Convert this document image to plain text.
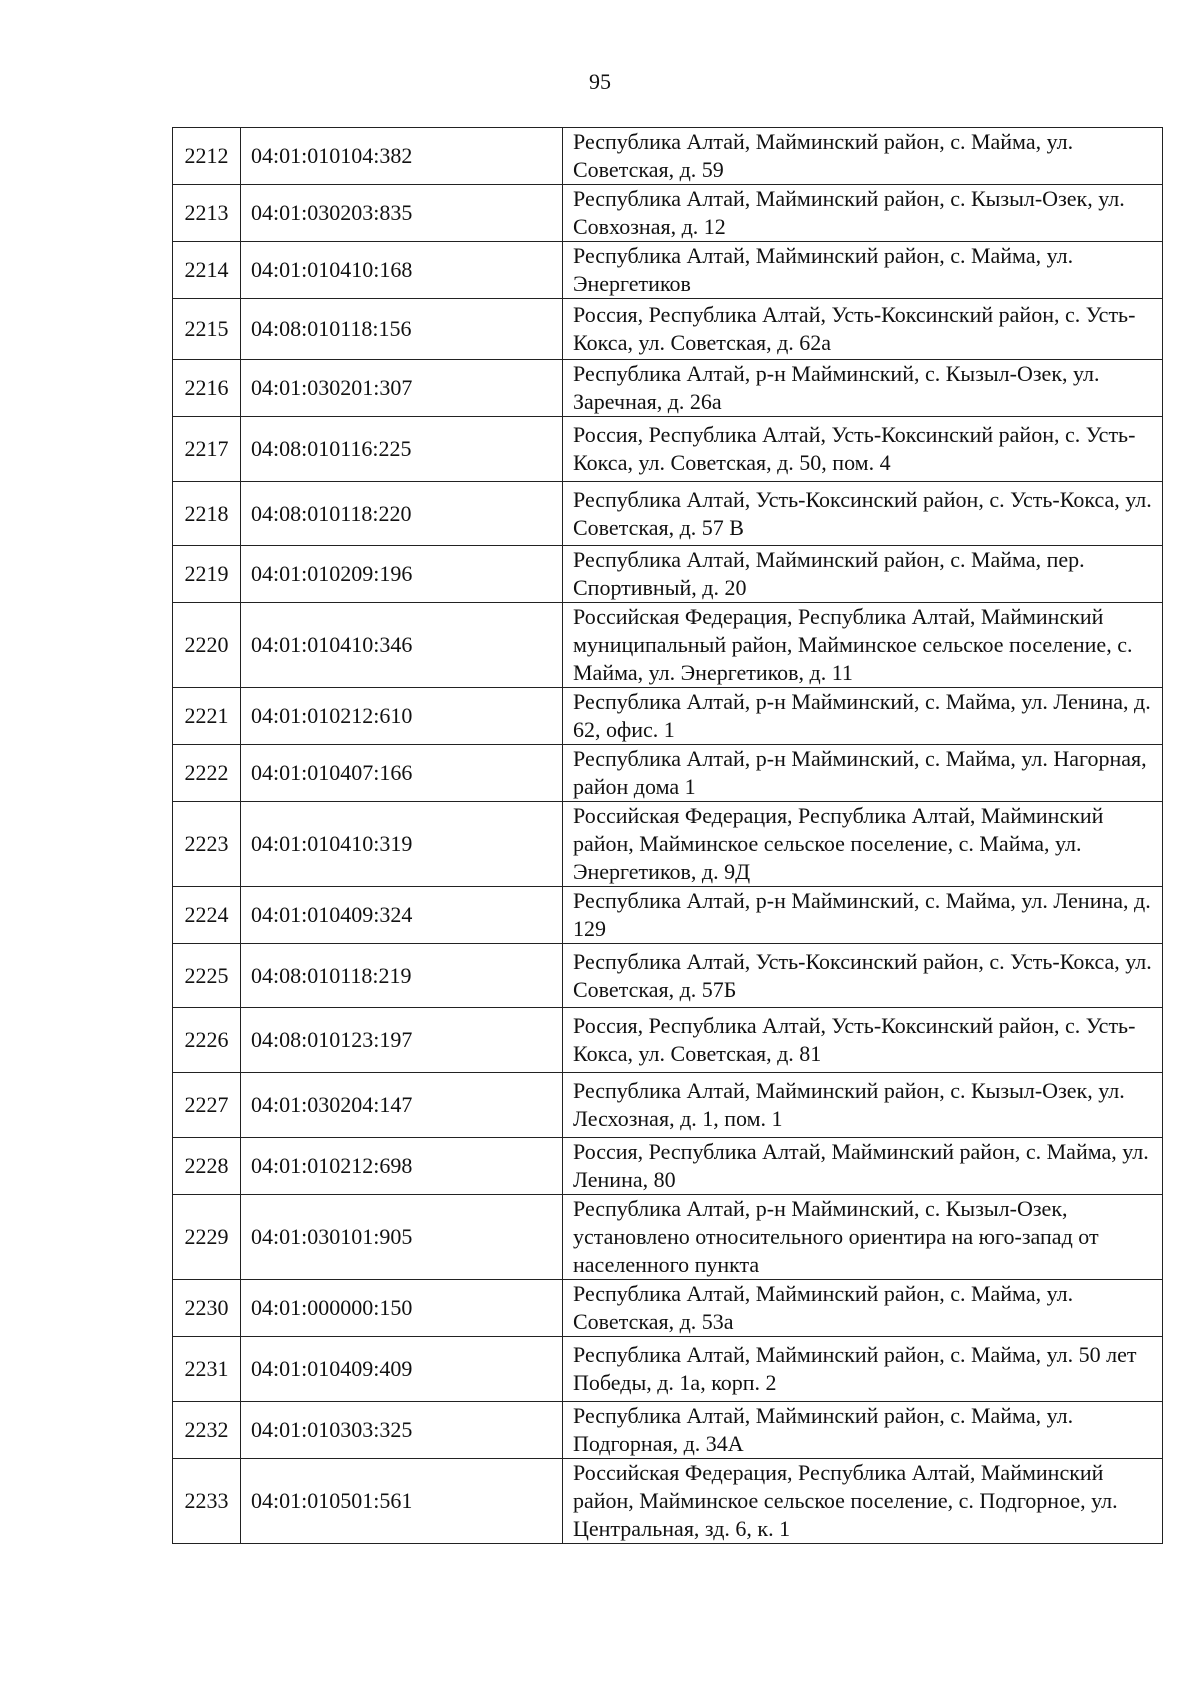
95
2212	04:01:010104:382	Республика Алтай, Майминский район, с. Майма, ул. Советская, д. 59
2213	04:01:030203:835	Республика Алтай, Майминский район, с. Кызыл-Озек, ул. Совхозная, д. 12
2214	04:01:010410:168	Республика Алтай, Майминский район, с. Майма, ул. Энергетиков
2215	04:08:010118:156	Россия, Республика Алтай, Усть-Коксинский район, с. Усть-Кокса, ул. Советская, д. 62а
2216	04:01:030201:307	Республика Алтай, р-н Майминский, с. Кызыл-Озек, ул. Заречная, д. 26а
2217	04:08:010116:225	Россия, Республика Алтай, Усть-Коксинский район, с. Усть-Кокса, ул. Советская, д. 50, пом. 4
2218	04:08:010118:220	Республика Алтай, Усть-Коксинский район, с. Усть-Кокса, ул. Советская, д. 57 В
2219	04:01:010209:196	Республика Алтай, Майминский район, с. Майма, пер. Спортивный, д. 20
2220	04:01:010410:346	Российская Федерация, Республика Алтай, Майминский муниципальный район, Майминское сельское поселение, с. Майма, ул. Энергетиков, д. 11
2221	04:01:010212:610	Республика Алтай, р-н Майминский, с. Майма, ул. Ленина, д. 62, офис. 1
2222	04:01:010407:166	Республика Алтай, р-н Майминский, с. Майма, ул. Нагорная, район дома 1
2223	04:01:010410:319	Российская Федерация, Республика Алтай, Майминский район, Майминское сельское поселение, с. Майма, ул. Энергетиков, д. 9Д
2224	04:01:010409:324	Республика Алтай, р-н Майминский, с. Майма, ул. Ленина, д. 129
2225	04:08:010118:219	Республика Алтай, Усть-Коксинский район, с. Усть-Кокса, ул. Советская, д. 57Б
2226	04:08:010123:197	Россия, Республика Алтай, Усть-Коксинский район, с. Усть-Кокса, ул. Советская, д. 81
2227	04:01:030204:147	Республика Алтай, Майминский район, с. Кызыл-Озек, ул. Лесхозная, д. 1, пом. 1
2228	04:01:010212:698	Россия, Республика Алтай, Майминский район, с. Майма, ул. Ленина, 80
2229	04:01:030101:905	Республика Алтай, р-н Майминский, с. Кызыл-Озек, установлено относительного ориентира на юго-запад от населенного пункта
2230	04:01:000000:150	Республика Алтай, Майминский район, с. Майма, ул. Советская, д. 53а
2231	04:01:010409:409	Республика Алтай, Майминский район, с. Майма, ул. 50 лет Победы, д. 1а, корп. 2
2232	04:01:010303:325	Республика Алтай, Майминский район, с. Майма, ул. Подгорная, д. 34А
2233	04:01:010501:561	Российская Федерация, Республика Алтай, Майминский район, Майминское сельское поселение, с. Подгорное, ул. Центральная, зд. 6, к. 1
